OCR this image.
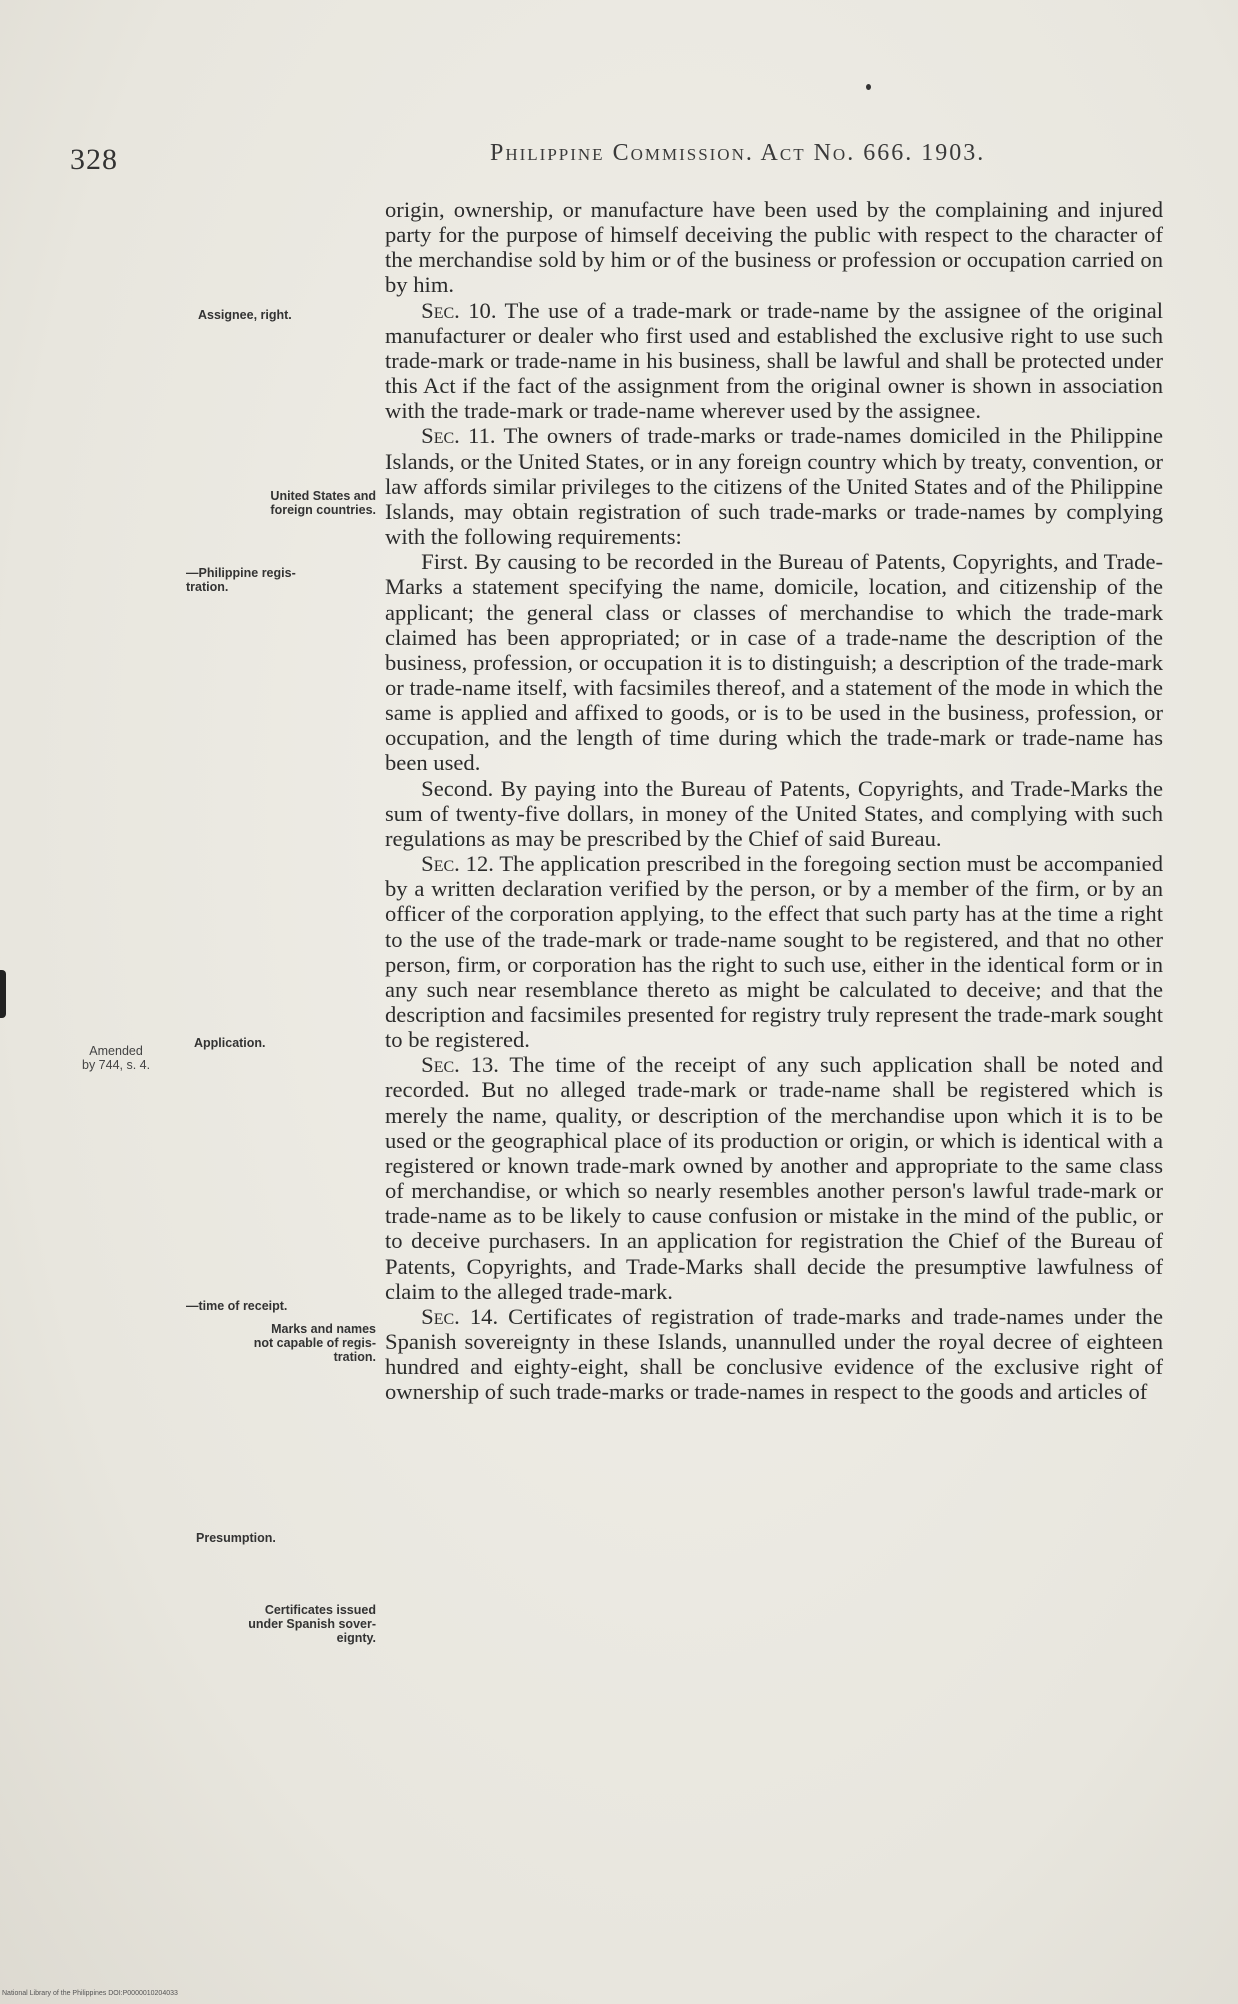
328	Philippine Commission. Act No. 666. 1903.
Assignee, right.
United States and
foreign countries.
—Philippine regis-
tration.
Amended
by 744, s. 4.
Application.
—time of receipt.
Marks and names
not capable of regis-
tration.
Presumption.
Certificates issued
under Spanish sover-
eignty.

origin, ownership, or manufacture have been used by the complaining and injured party for the purpose of himself deceiving the public with respect to the character of the merchandise sold by him or of the business or profession or occupation carried on by him.

Sec. 10. The use of a trade-mark or trade-name by the assignee of the original manufacturer or dealer who first used and established the exclusive right to use such trade-mark or trade-name in his business, shall be lawful and shall be protected under this Act if the fact of the assignment from the original owner is shown in association with the trade-mark or trade-name wherever used by the assignee.

Sec. 11. The owners of trade-marks or trade-names domiciled in the Philippine Islands, or the United States, or in any foreign country which by treaty, convention, or law affords similar privileges to the citizens of the United States and of the Philippine Islands, may obtain registration of such trade-marks or trade-names by complying with the following requirements:

First. By causing to be recorded in the Bureau of Patents, Copyrights, and Trade-Marks a statement specifying the name, domicile, location, and citizenship of the applicant; the general class or classes of merchandise to which the trade-mark claimed has been appropriated; or in case of a trade-name the description of the business, profession, or occupation it is to distinguish; a description of the trade-mark or trade-name itself, with facsimiles thereof, and a statement of the mode in which the same is applied and affixed to goods, or is to be used in the business, profession, or occupation, and the length of time during which the trade-mark or trade-name has been used.

Second. By paying into the Bureau of Patents, Copyrights, and Trade-Marks the sum of twenty-five dollars, in money of the United States, and complying with such regulations as may be prescribed by the Chief of said Bureau.

Sec. 12. The application prescribed in the foregoing section must be accompanied by a written declaration verified by the person, or by a member of the firm, or by an officer of the corporation applying, to the effect that such party has at the time a right to the use of the trade-mark or trade-name sought to be registered, and that no other person, firm, or corporation has the right to such use, either in the identical form or in any such near resemblance thereto as might be calculated to deceive; and that the description and facsimiles presented for registry truly represent the trade-mark sought to be registered.

Sec. 13. The time of the receipt of any such application shall be noted and recorded. But no alleged trade-mark or trade-name shall be registered which is merely the name, quality, or description of the merchandise upon which it is to be used or the geographical place of its production or origin, or which is identical with a registered or known trade-mark owned by another and appropriate to the same class of merchandise, or which so nearly resembles another person's lawful trade-mark or trade-name as to be likely to cause confusion or mistake in the mind of the public, or to deceive purchasers. In an application for registration the Chief of the Bureau of Patents, Copyrights, and Trade-Marks shall decide the presumptive lawfulness of claim to the alleged trade-mark.

Sec. 14. Certificates of registration of trade-marks and trade-names under the Spanish sovereignty in these Islands, unannulled under the royal decree of eighteen hundred and eighty-eight, shall be conclusive evidence of the exclusive right of ownership of such trade-marks or trade-names in respect to the goods and articles of

National Library of the Philippines DOI:P0000010204033
